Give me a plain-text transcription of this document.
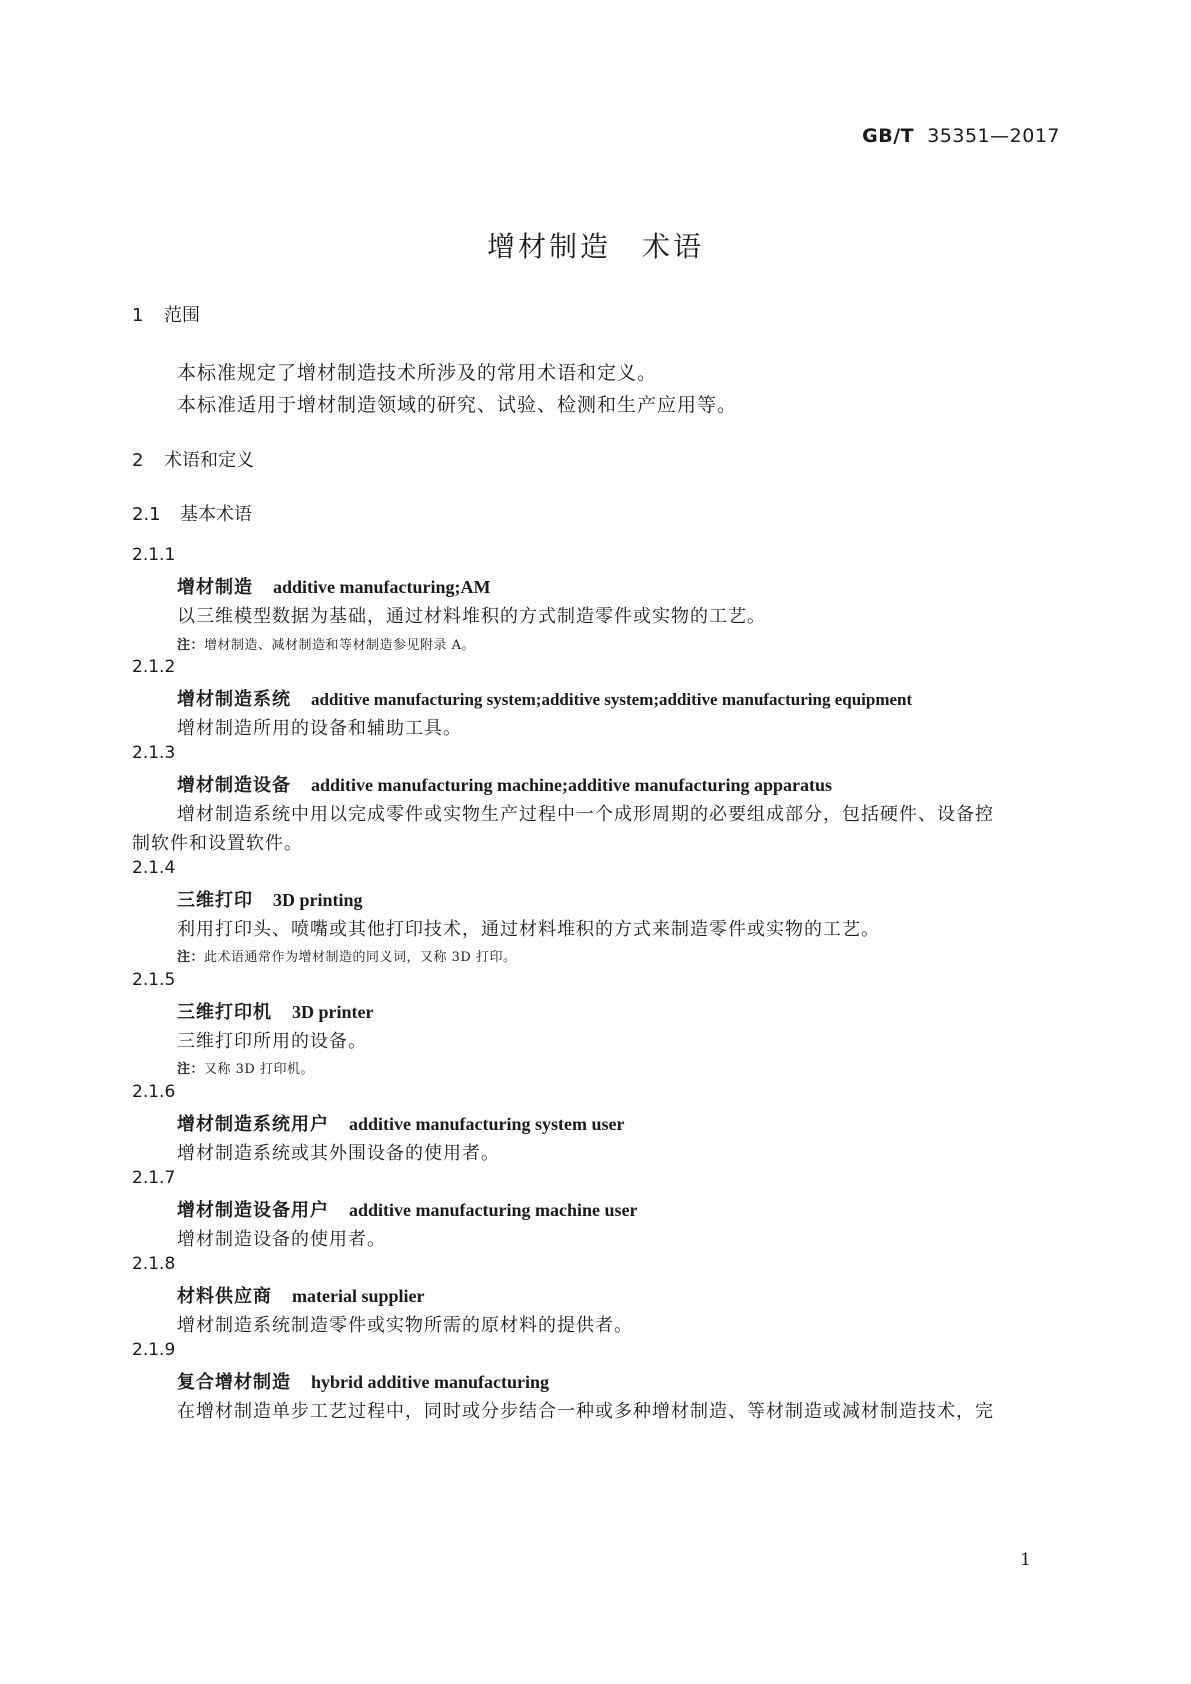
GB/T 35351—2017
增材制造　术语
1 范围
本标准规定了增材制造技术所涉及的常用术语和定义。
本标准适用于增材制造领域的研究、试验、检测和生产应用等。
2 术语和定义
2.1 基本术语
2.1.1
增材制造 additive manufacturing;AM
以三维模型数据为基础，通过材料堆积的方式制造零件或实物的工艺。
注：增材制造、减材制造和等材制造参见附录 A。
2.1.2
增材制造系统 additive manufacturing system;additive system;additive manufacturing equipment
增材制造所用的设备和辅助工具。
2.1.3
增材制造设备 additive manufacturing machine;additive manufacturing apparatus
增材制造系统中用以完成零件或实物生产过程中一个成形周期的必要组成部分，包括硬件、设备控
制软件和设置软件。
2.1.4
三维打印 3D printing
利用打印头、喷嘴或其他打印技术，通过材料堆积的方式来制造零件或实物的工艺。
注：此术语通常作为增材制造的同义词，又称 3D 打印。
2.1.5
三维打印机 3D printer
三维打印所用的设备。
注：又称 3D 打印机。
2.1.6
增材制造系统用户 additive manufacturing system user
增材制造系统或其外围设备的使用者。
2.1.7
增材制造设备用户 additive manufacturing machine user
增材制造设备的使用者。
2.1.8
材料供应商 material supplier
增材制造系统制造零件或实物所需的原材料的提供者。
2.1.9
复合增材制造 hybrid additive manufacturing
在增材制造单步工艺过程中，同时或分步结合一种或多种增材制造、等材制造或减材制造技术，完
1
